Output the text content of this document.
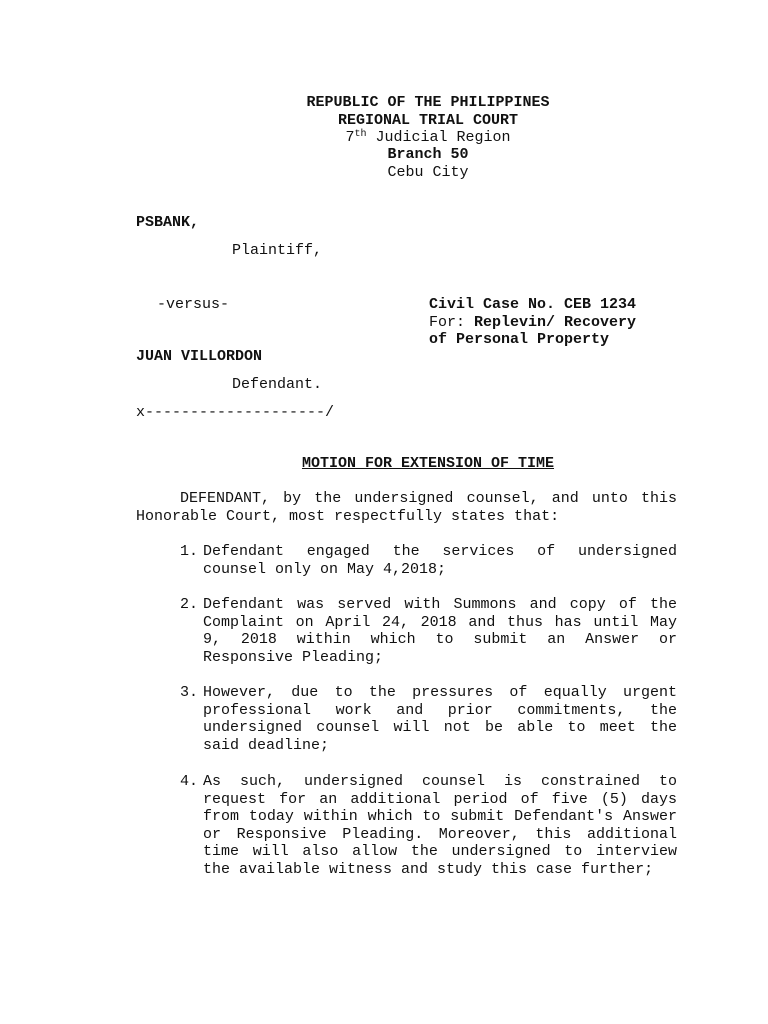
REPUBLIC OF THE PHILIPPINES
REGIONAL TRIAL COURT
7th Judicial Region
Branch 50
Cebu City
PSBANK,
Plaintiff,
-versus-	Civil Case No. CEB 1234
For: Replevin/ Recovery
of Personal Property
JUAN VILLORDON
Defendant.
x--------------------/
MOTION FOR EXTENSION OF TIME
DEFENDANT, by the undersigned counsel, and unto this Honorable Court, most respectfully states that:
1. Defendant engaged the services of undersigned counsel only on May 4,2018;
2. Defendant was served with Summons and copy of the Complaint on April 24, 2018 and thus has until May 9, 2018 within which to submit an Answer or Responsive Pleading;
3. However, due to the pressures of equally urgent professional work and prior commitments, the undersigned counsel will not be able to meet the said deadline;
4. As such, undersigned counsel is constrained to request for an additional period of five (5) days from today within which to submit Defendant's Answer or Responsive Pleading. Moreover, this additional time will also allow the undersigned to interview the available witness and study this case further;
